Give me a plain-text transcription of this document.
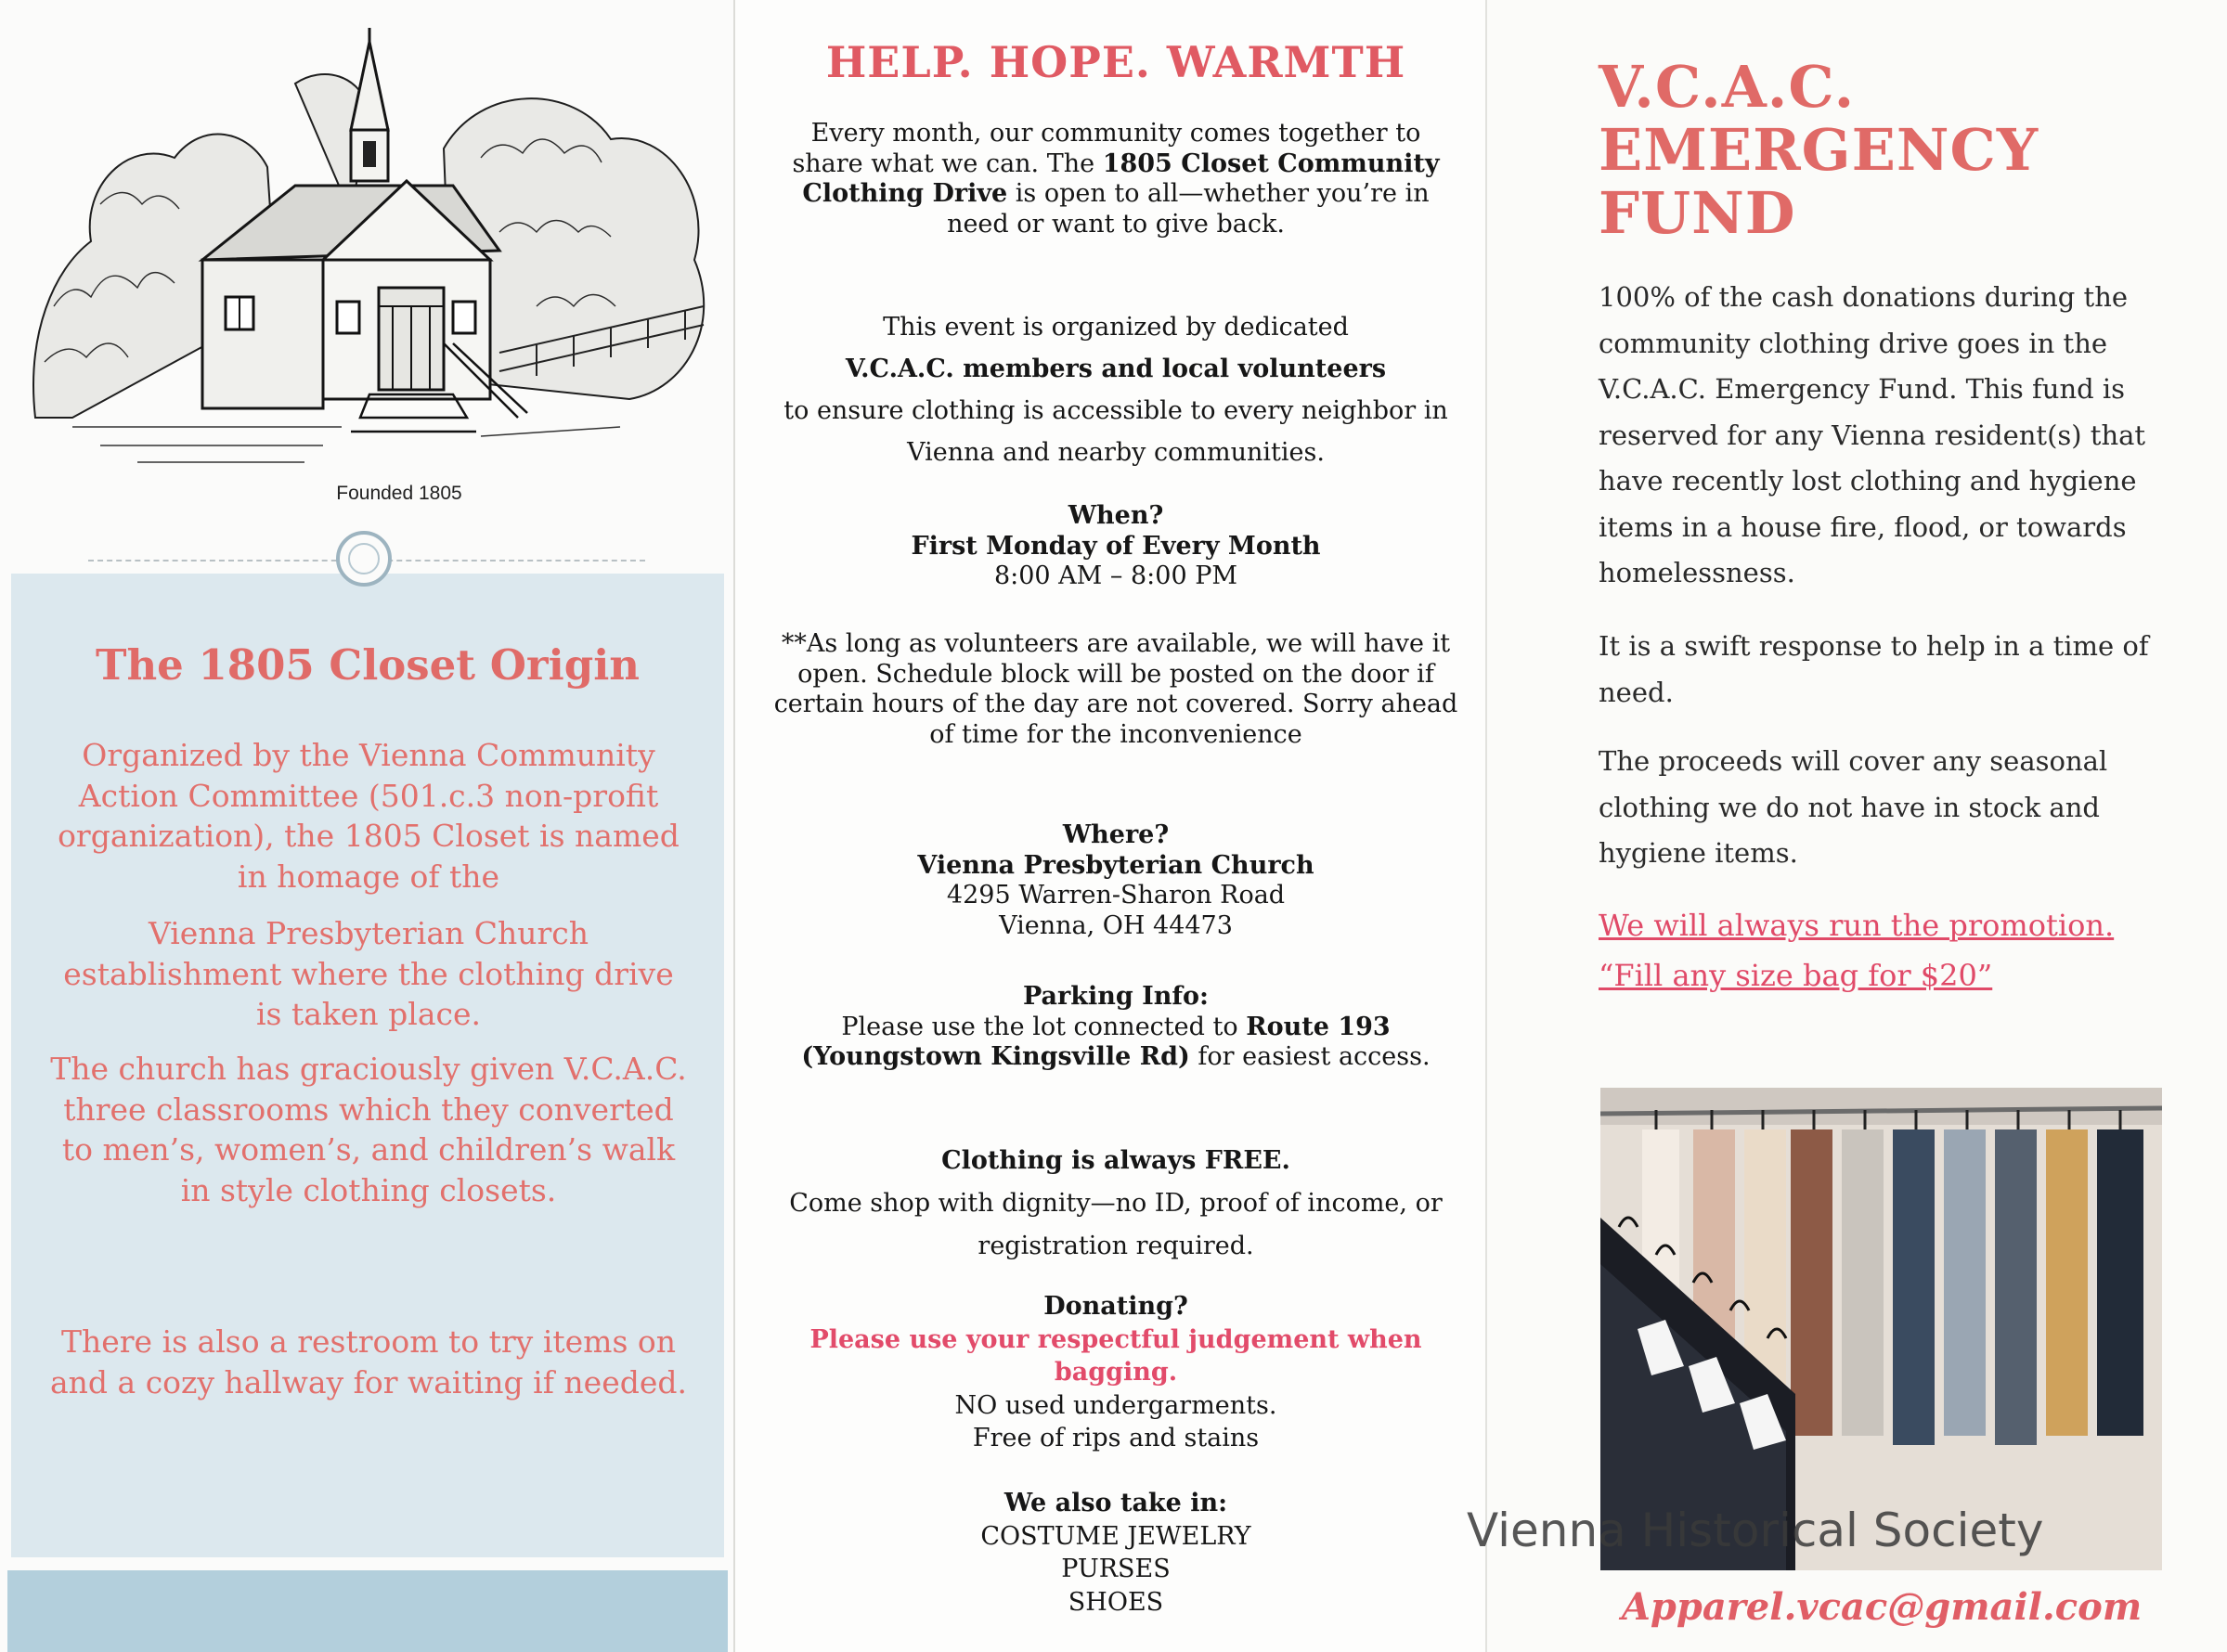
Founded 1805
The 1805 Closet Origin

Organized by the Vienna Community Action Committee (501.c.3 non-profit organization), the 1805 Closet is named in homage of the

Vienna Presbyterian Church establishment where the clothing drive is taken place.

The church has graciously given V.C.A.C. three classrooms which they converted to men’s, women’s, and children’s walk in style clothing closets.

There is also a restroom to try items on and a cozy hallway for waiting if needed.

HELP. HOPE. WARMTH

Every month, our community comes together to share what we can. The 1805 Closet Community Clothing Drive is open to all—whether you’re in need or want to give back.

This event is organized by dedicated
V.C.A.C. members and local volunteers
to ensure clothing is accessible to every neighbor in Vienna and nearby communities.

When?
First Monday of Every Month
8:00 AM – 8:00 PM

**As long as volunteers are available, we will have it open. Schedule block will be posted on the door if certain hours of the day are not covered. Sorry ahead of time for the inconvenience

Where?
Vienna Presbyterian Church
4295 Warren-Sharon Road
Vienna, OH 44473

Parking Info:
Please use the lot connected to Route 193 (Youngstown Kingsville Rd) for easiest access.

Clothing is always FREE.
Come shop with dignity—no ID, proof of income, or registration required.

Donating?
Please use your respectful judgement when bagging.
NO used undergarments.
Free of rips and stains

We also take in:
COSTUME JEWELRY
PURSES
SHOES

V.C.A.C.
EMERGENCY
FUND

100% of the cash donations during the community clothing drive goes in the V.C.A.C. Emergency Fund. This fund is reserved for any Vienna resident(s) that have recently lost clothing and hygiene items in a house fire, flood, or towards homelessness.

It is a swift response to help in a time of need.

The proceeds will cover any seasonal clothing we do not have in stock and hygiene items.

We will always run the promotion.
“Fill any size bag for $20”

Apparel.vcac@gmail.com

Vienna Historical Society
